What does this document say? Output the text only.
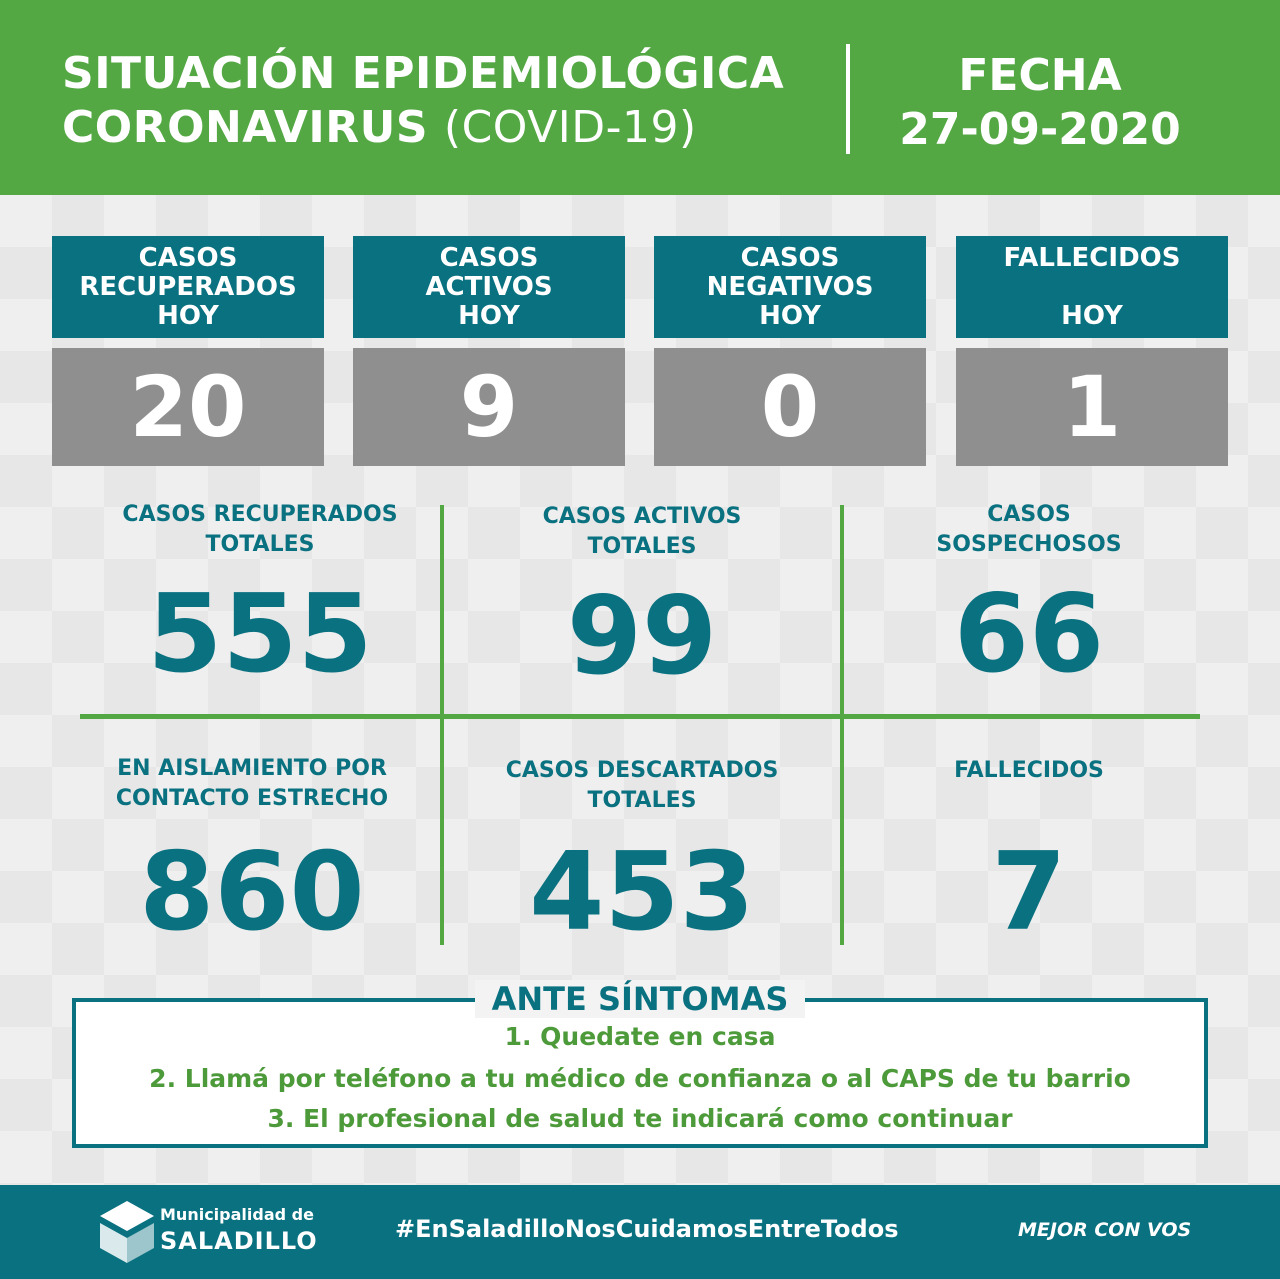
SITUACIÓN EPIDEMIOLÓGICA
CORONAVIRUS (COVID-19)
FECHA
27-09-2020
CASOS
RECUPERADOS
HOY
20
CASOS
ACTIVOS
HOY
9
CASOS
NEGATIVOS
HOY
0
FALLECIDOS
HOY
1
CASOS RECUPERADOS
TOTALES
555
CASOS ACTIVOS
TOTALES
99
CASOS
SOSPECHOSOS
66
EN AISLAMIENTO POR
CONTACTO ESTRECHO
860
CASOS DESCARTADOS
TOTALES
453
FALLECIDOS
7
ANTE SÍNTOMAS
1. Quedate en casa
2. Llamá por teléfono a tu médico de confianza o al CAPS de tu barrio
3. El profesional de salud te indicará como continuar
Municipalidad de
SALADILLO	#EnSaladilloNosCuidamosEntreTodos	MEJOR CON VOS
